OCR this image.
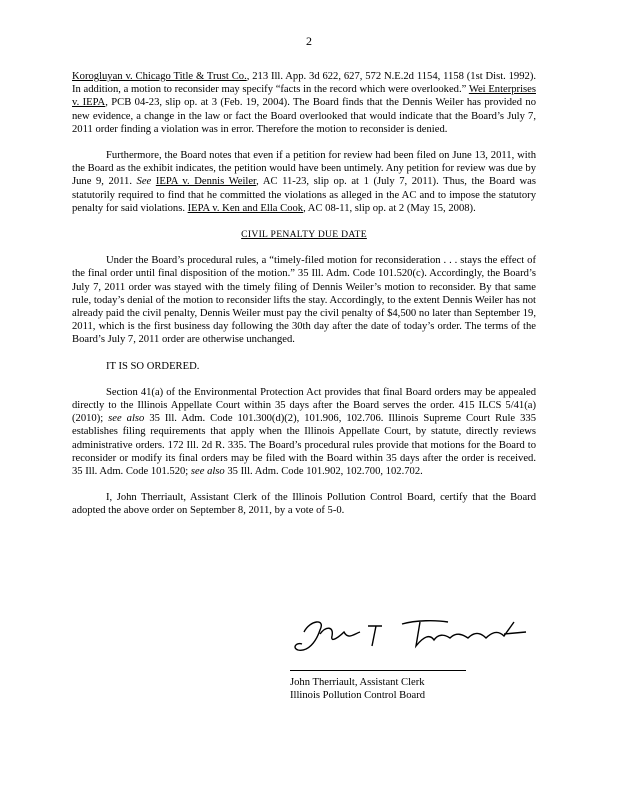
2

Korogluyan v. Chicago Title & Trust Co., 213 Ill. App. 3d 622, 627, 572 N.E.2d 1154, 1158 (1st Dist. 1992). In addition, a motion to reconsider may specify “facts in the record which were overlooked.” Wei Enterprises v. IEPA, PCB 04-23, slip op. at 3 (Feb. 19, 2004). The Board finds that the Dennis Weiler has provided no new evidence, a change in the law or fact the Board overlooked that would indicate that the Board’s July 7, 2011 order finding a violation was in error. Therefore the motion to reconsider is denied.

Furthermore, the Board notes that even if a petition for review had been filed on June 13, 2011, with the Board as the exhibit indicates, the petition would have been untimely. Any petition for review was due by June 9, 2011. See IEPA v. Dennis Weiler, AC 11-23, slip op. at 1 (July 7, 2011). Thus, the Board was statutorily required to find that he committed the violations as alleged in the AC and to impose the statutory penalty for said violations. IEPA v. Ken and Ella Cook, AC 08-11, slip op. at 2 (May 15, 2008).

CIVIL PENALTY DUE DATE

Under the Board’s procedural rules, a “timely-filed motion for reconsideration . . . stays the effect of the final order until final disposition of the motion.” 35 Ill. Adm. Code 101.520(c). Accordingly, the Board’s July 7, 2011 order was stayed with the timely filing of Dennis Weiler’s motion to reconsider. By that same rule, today’s denial of the motion to reconsider lifts the stay. Accordingly, to the extent Dennis Weiler has not already paid the civil penalty, Dennis Weiler must pay the civil penalty of $4,500 no later than September 19, 2011, which is the first business day following the 30th day after the date of today’s order. The terms of the Board’s July 7, 2011 order are otherwise unchanged.

IT IS SO ORDERED.

Section 41(a) of the Environmental Protection Act provides that final Board orders may be appealed directly to the Illinois Appellate Court within 35 days after the Board serves the order. 415 ILCS 5/41(a) (2010); see also 35 Ill. Adm. Code 101.300(d)(2), 101.906, 102.706. Illinois Supreme Court Rule 335 establishes filing requirements that apply when the Illinois Appellate Court, by statute, directly reviews administrative orders. 172 Ill. 2d R. 335. The Board’s procedural rules provide that motions for the Board to reconsider or modify its final orders may be filed with the Board within 35 days after the order is received. 35 Ill. Adm. Code 101.520; see also 35 Ill. Adm. Code 101.902, 102.700, 102.702.

I, John Therriault, Assistant Clerk of the Illinois Pollution Control Board, certify that the Board adopted the above order on September 8, 2011, by a vote of 5-0.

John Therriault, Assistant Clerk
Illinois Pollution Control Board
